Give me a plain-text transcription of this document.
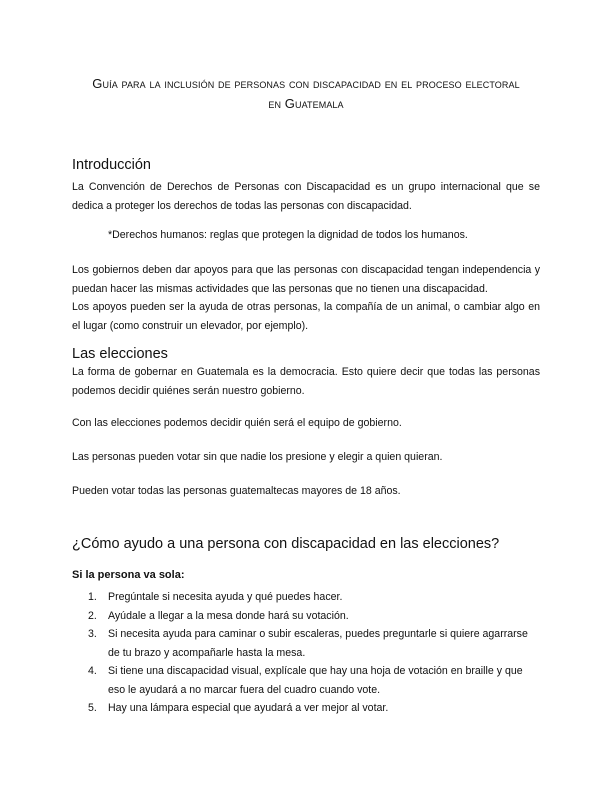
Guía para la inclusión de personas con discapacidad en el proceso electoral
en Guatemala
Introducción
La Convención de Derechos de Personas con Discapacidad es un grupo internacional que se dedica a proteger los derechos de todas las personas con discapacidad.
*Derechos humanos: reglas que protegen la dignidad de todos los humanos.
Los gobiernos deben dar apoyos para que las personas con discapacidad tengan independencia y puedan hacer las mismas actividades que las personas que no tienen una discapacidad.
Los apoyos pueden ser la ayuda de otras personas, la compañía de un animal, o cambiar algo en el lugar (como construir un elevador, por ejemplo).
Las elecciones
La forma de gobernar en Guatemala es la democracia. Esto quiere decir que todas las personas podemos decidir quiénes serán nuestro gobierno.
Con las elecciones podemos decidir quién será el equipo de gobierno.
Las personas pueden votar sin que nadie los presione y elegir a quien quieran.
Pueden votar todas las personas guatemaltecas mayores de 18 años.
¿Cómo ayudo a una persona con discapacidad en las elecciones?
Si la persona va sola:
1. Pregúntale si necesita ayuda y qué puedes hacer.
2. Ayúdale a llegar a la mesa donde hará su votación.
3. Si necesita ayuda para caminar o subir escaleras, puedes preguntarle si quiere agarrarse de tu brazo y acompañarle hasta la mesa.
4. Si tiene una discapacidad visual, explícale que hay una hoja de votación en braille y que eso le ayudará a no marcar fuera del cuadro cuando vote.
5. Hay una lámpara especial que ayudará a ver mejor al votar.
